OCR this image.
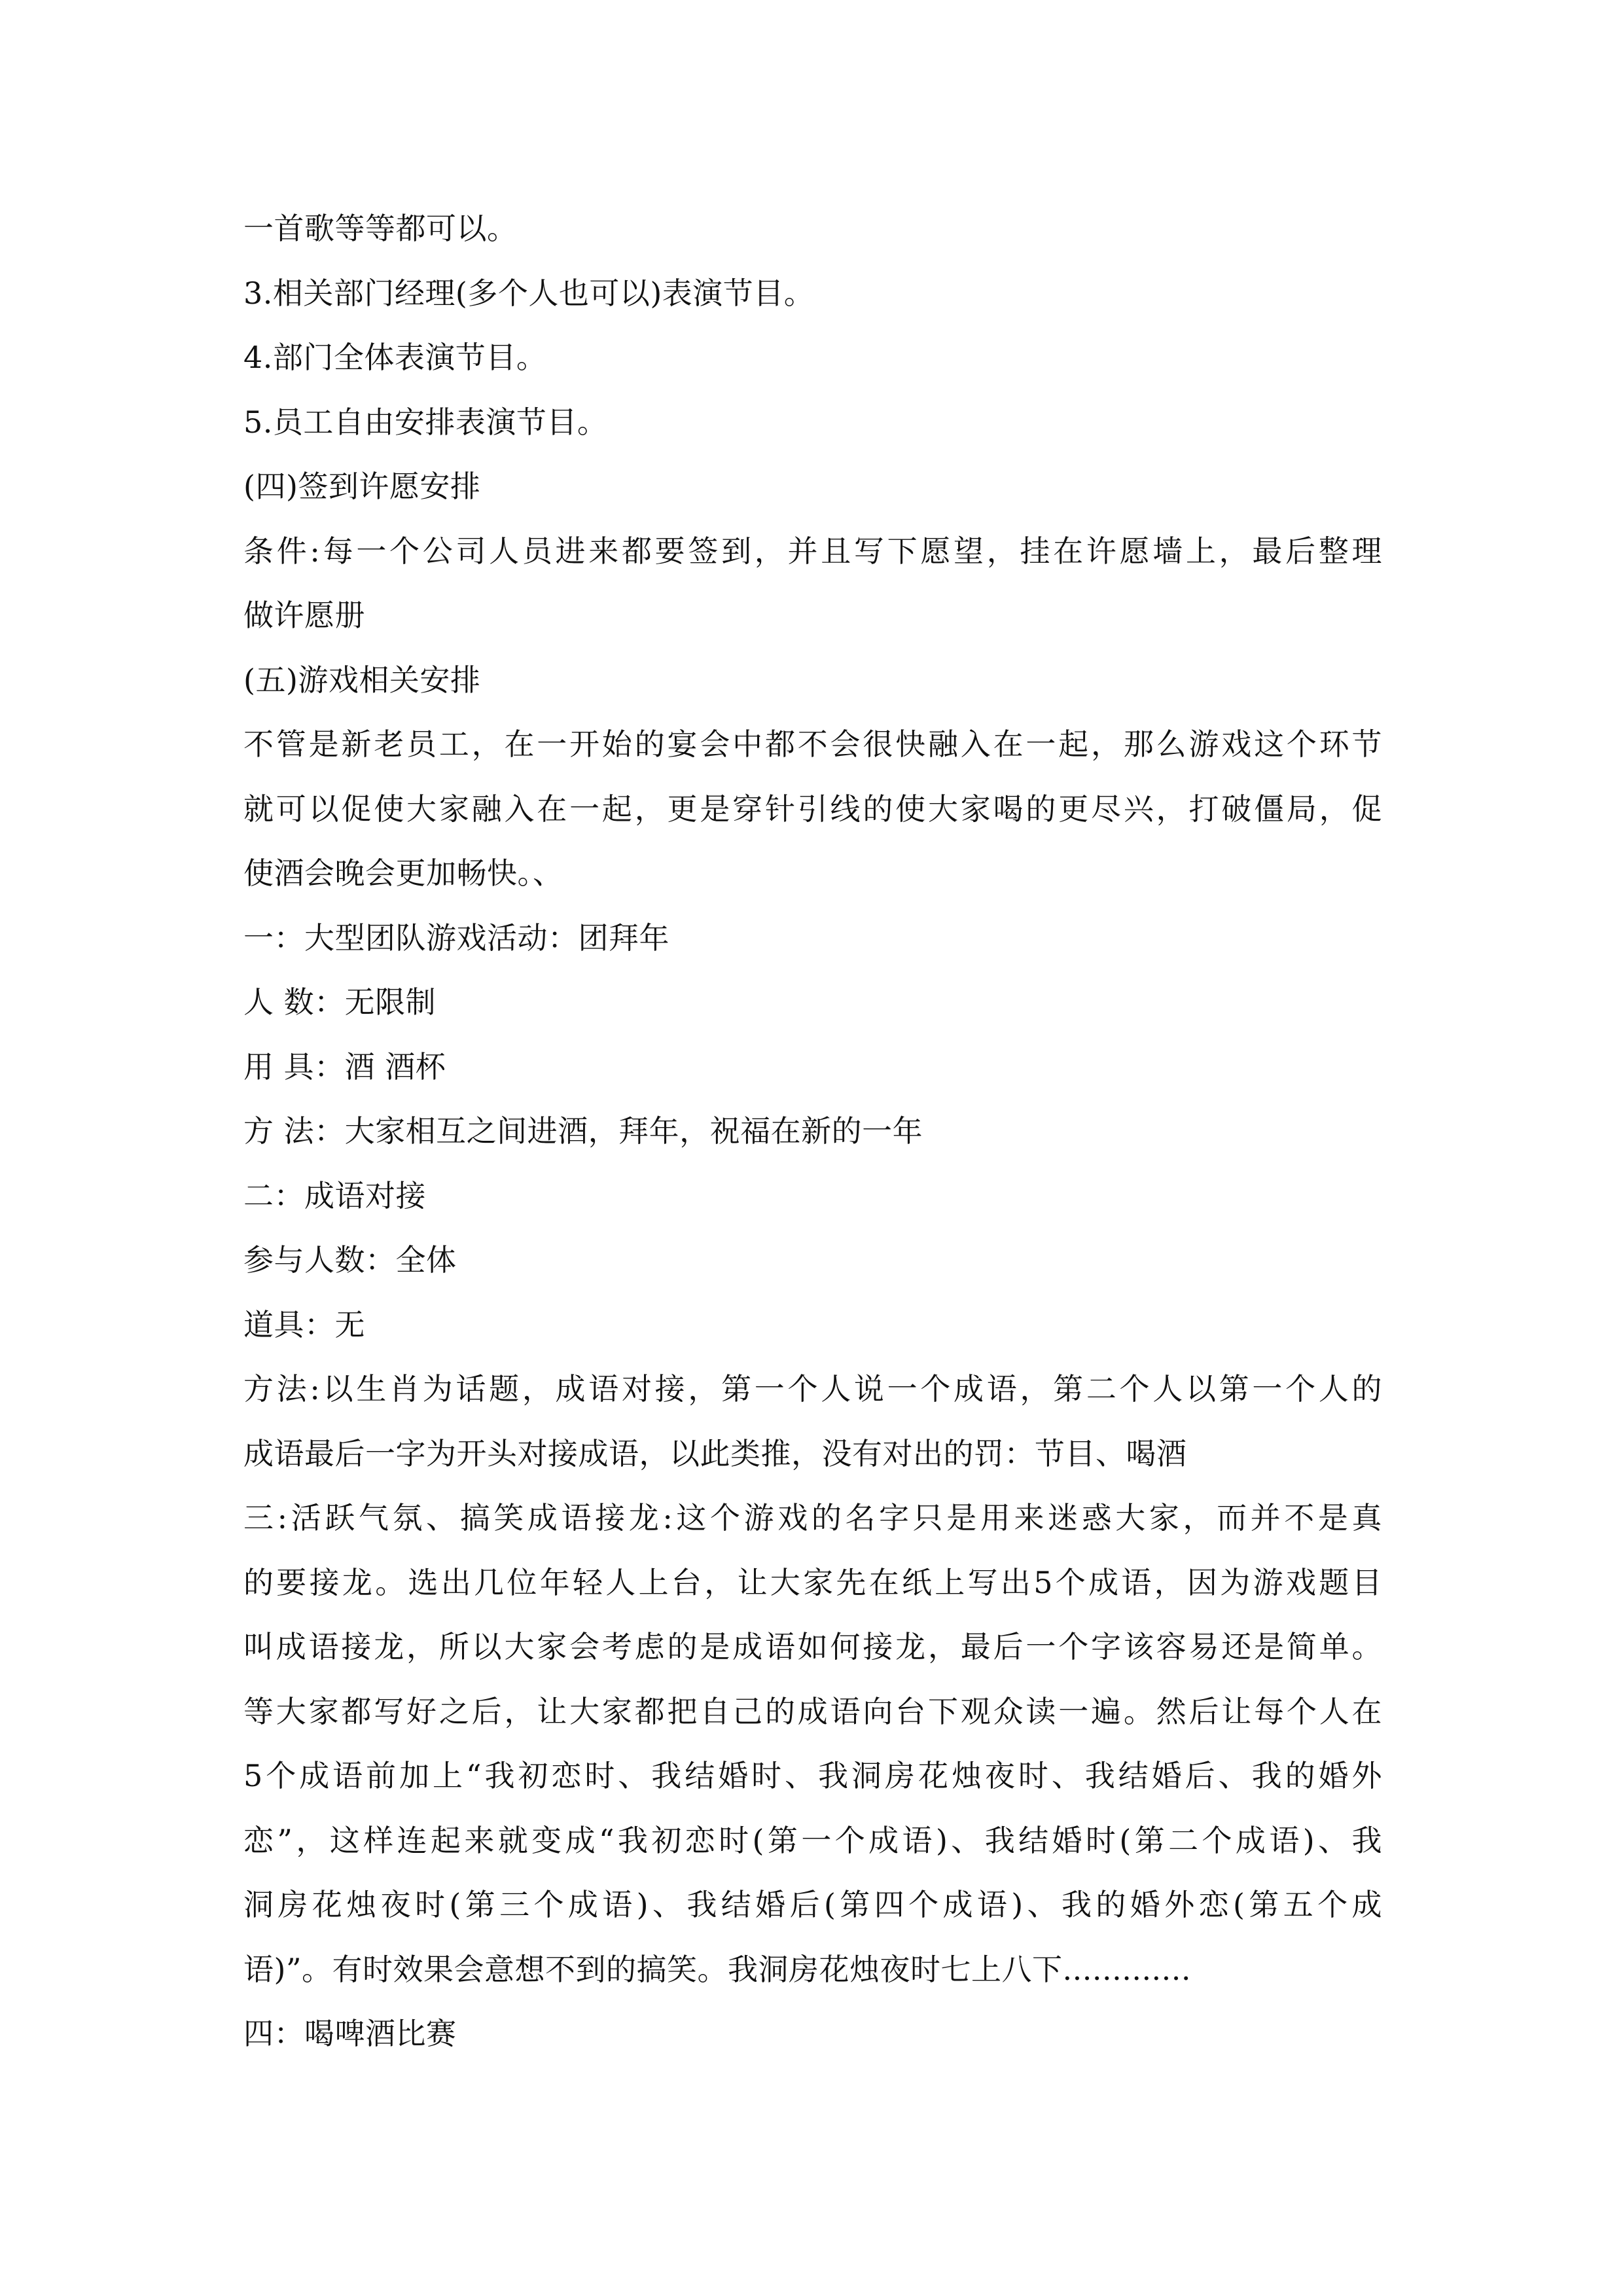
一首歌等等都可以。
3.相关部门经理(多个人也可以)表演节目。
4.部门全体表演节目。
5.员工自由安排表演节目。
(四)签到许愿安排
条件:每一个公司人员进来都要签到，并且写下愿望，挂在许愿墙上，最后整理
做许愿册
(五)游戏相关安排
不管是新老员工，在一开始的宴会中都不会很快融入在一起，那么游戏这个环节
就可以促使大家融入在一起，更是穿针引线的使大家喝的更尽兴，打破僵局，促
使酒会晚会更加畅快。、
一：大型团队游戏活动：团拜年
人 数：无限制
用 具：酒 酒杯
方 法：大家相互之间进酒，拜年，祝福在新的一年
二：成语对接
参与人数：全体
道具：无
方法:以生肖为话题，成语对接，第一个人说一个成语，第二个人以第一个人的
成语最后一字为开头对接成语，以此类推，没有对出的罚：节目、喝酒
三:活跃气氛、搞笑成语接龙:这个游戏的名字只是用来迷惑大家，而并不是真
的要接龙。选出几位年轻人上台，让大家先在纸上写出5个成语，因为游戏题目
叫成语接龙，所以大家会考虑的是成语如何接龙，最后一个字该容易还是简单。
等大家都写好之后，让大家都把自己的成语向台下观众读一遍。然后让每个人在
5个成语前加上“我初恋时、我结婚时、我洞房花烛夜时、我结婚后、我的婚外
恋”，这样连起来就变成“我初恋时(第一个成语)、我结婚时(第二个成语)、我
洞房花烛夜时(第三个成语)、我结婚后(第四个成语)、我的婚外恋(第五个成
语)”。有时效果会意想不到的搞笑。我洞房花烛夜时七上八下.............
四：喝啤酒比赛
